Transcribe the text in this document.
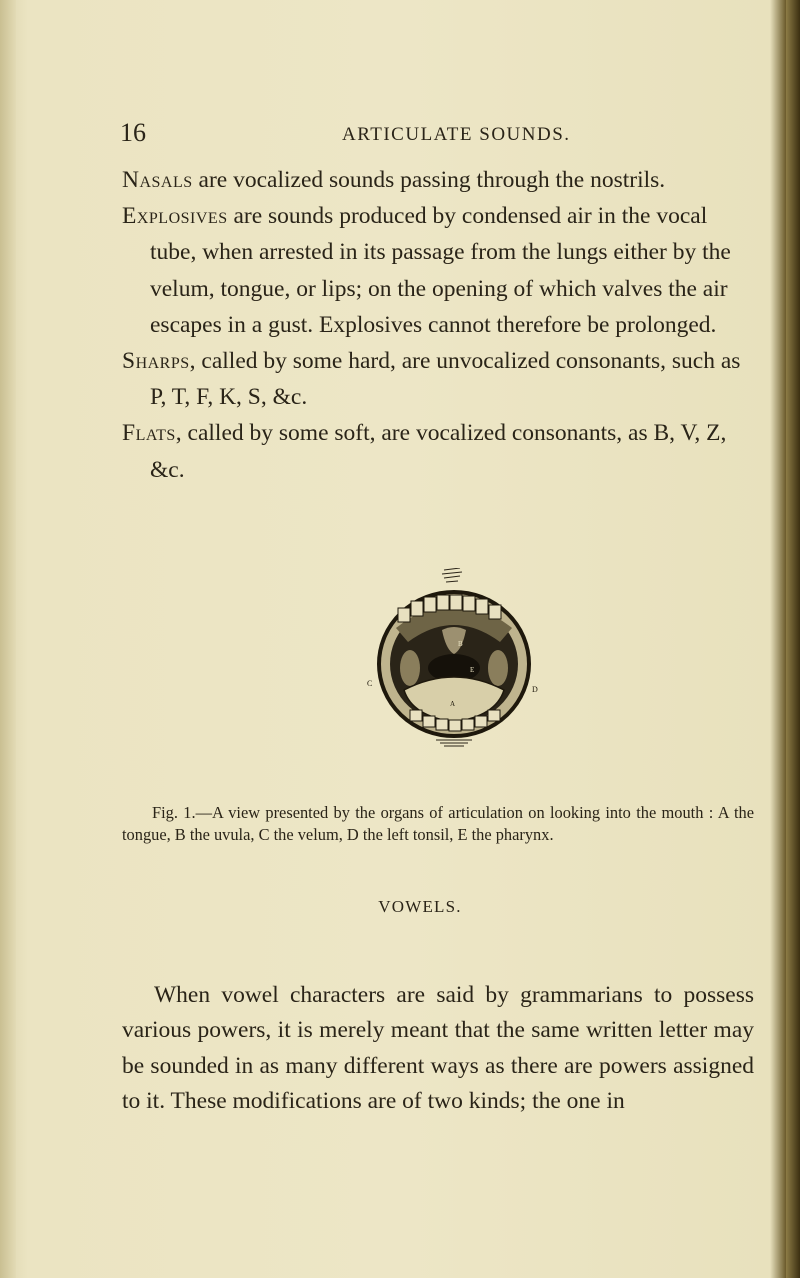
16	ARTICULATE SOUNDS.

Nasals are vocalized sounds passing through the nostrils.

Explosives are sounds produced by condensed air in the vocal tube, when arrested in its passage from the lungs either by the velum, tongue, or lips; on the opening of which valves the air escapes in a gust. Explosives cannot therefore be prolonged.

Sharps, called by some hard, are unvocalized consonants, such as P, T, F, K, S, &c.

Flats, called by some soft, are vocalized consonants, as B, V, Z, &c.

A
B
C
D
E

Fig. 1.—A view presented by the organs of articulation on looking into the mouth : A the tongue, B the uvula, C the velum, D the left tonsil, E the pharynx.

VOWELS.

When vowel characters are said by grammarians to possess various powers, it is merely meant that the same written letter may be sounded in as many different ways as there are powers assigned to it. These modifications are of two kinds; the one in
